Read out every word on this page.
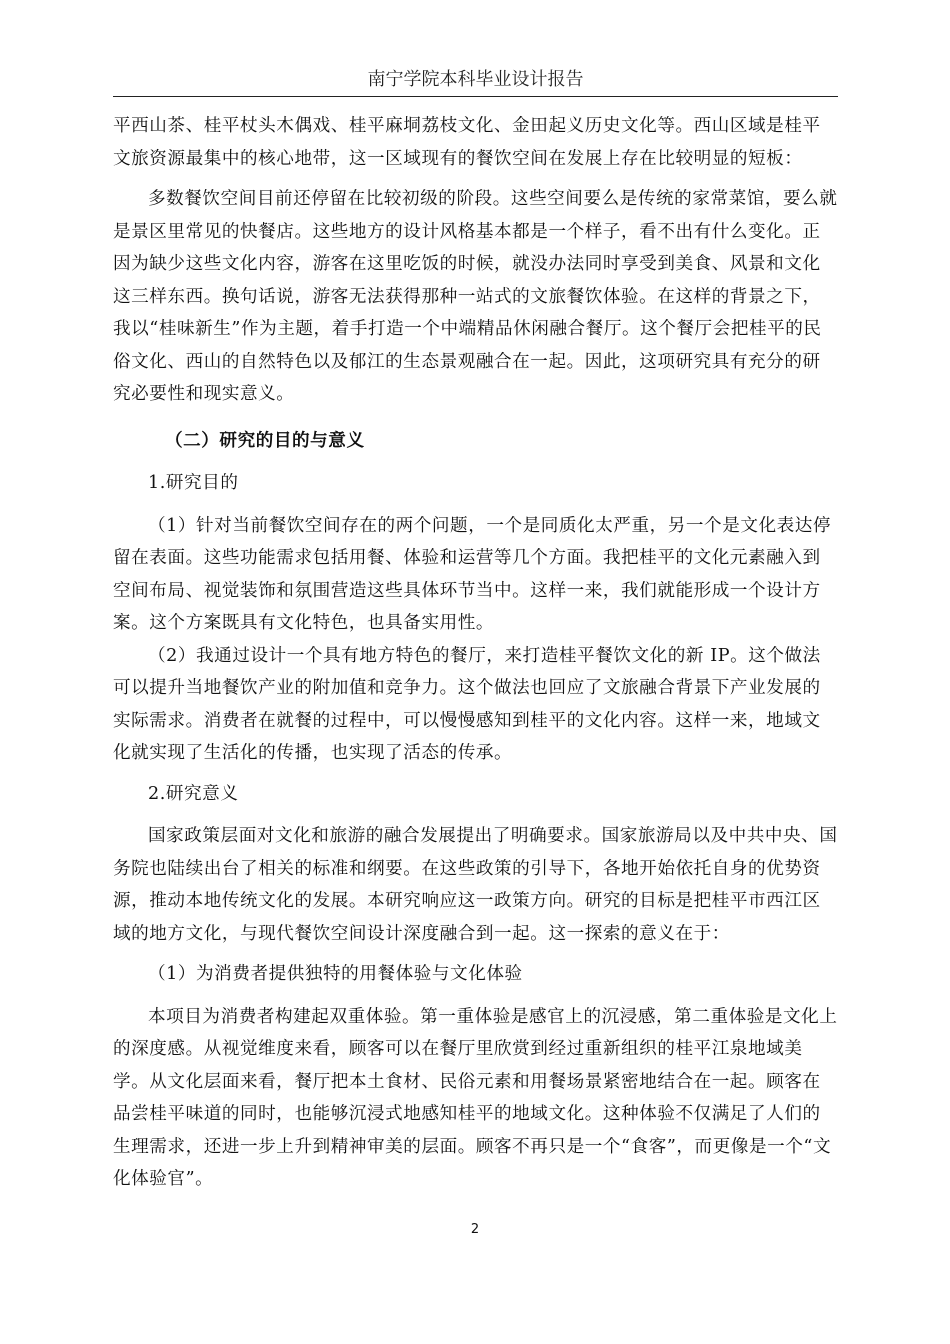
南宁学院本科毕业设计报告

平西山茶、桂平杖头木偶戏、桂平麻垌荔枝文化、金田起义历史文化等。西山区域是桂平文旅资源最集中的核心地带，这一区域现有的餐饮空间在发展上存在比较明显的短板：

多数餐饮空间目前还停留在比较初级的阶段。这些空间要么是传统的家常菜馆，要么就是景区里常见的快餐店。这些地方的设计风格基本都是一个样子，看不出有什么变化。正因为缺少这些文化内容，游客在这里吃饭的时候，就没办法同时享受到美食、风景和文化这三样东西。换句话说，游客无法获得那种一站式的文旅餐饮体验。在这样的背景之下，我以“桂味新生”作为主题，着手打造一个中端精品休闲融合餐厅。这个餐厅会把桂平的民俗文化、西山的自然特色以及郁江的生态景观融合在一起。因此，这项研究具有充分的研究必要性和现实意义。

（二）研究的目的与意义

1.研究目的

（1）针对当前餐饮空间存在的两个问题，一个是同质化太严重，另一个是文化表达停留在表面。这些功能需求包括用餐、体验和运营等几个方面。我把桂平的文化元素融入到空间布局、视觉装饰和氛围营造这些具体环节当中。这样一来，我们就能形成一个设计方案。这个方案既具有文化特色，也具备实用性。

（2）我通过设计一个具有地方特色的餐厅，来打造桂平餐饮文化的新 IP。这个做法可以提升当地餐饮产业的附加值和竞争力。这个做法也回应了文旅融合背景下产业发展的实际需求。消费者在就餐的过程中，可以慢慢感知到桂平的文化内容。这样一来，地域文化就实现了生活化的传播，也实现了活态的传承。

2.研究意义

国家政策层面对文化和旅游的融合发展提出了明确要求。国家旅游局以及中共中央、国务院也陆续出台了相关的标准和纲要。在这些政策的引导下，各地开始依托自身的优势资源，推动本地传统文化的发展。本研究响应这一政策方向。研究的目标是把桂平市西江区域的地方文化，与现代餐饮空间设计深度融合到一起。这一探索的意义在于：

（1）为消费者提供独特的用餐体验与文化体验

本项目为消费者构建起双重体验。第一重体验是感官上的沉浸感，第二重体验是文化上的深度感。从视觉维度来看，顾客可以在餐厅里欣赏到经过重新组织的桂平江泉地域美学。从文化层面来看，餐厅把本土食材、民俗元素和用餐场景紧密地结合在一起。顾客在品尝桂平味道的同时，也能够沉浸式地感知桂平的地域文化。这种体验不仅满足了人们的生理需求，还进一步上升到精神审美的层面。顾客不再只是一个“食客”，而更像是一个“文化体验官”。

2
